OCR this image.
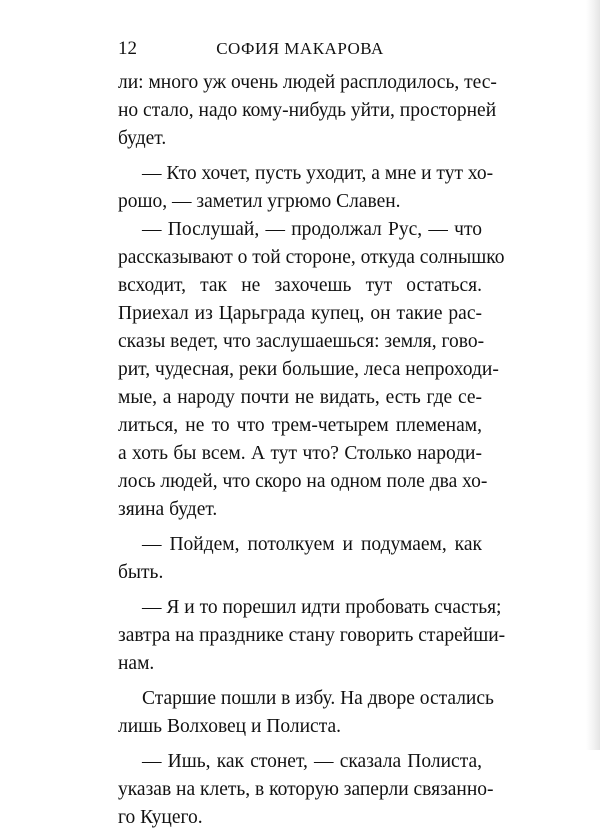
12	СОФИЯ МАКАРОВА
ли: много уж очень людей расплодилось, тес-
но стало, надо кому-нибудь уйти, просторней
будет.
— Кто хочет, пусть уходит, а мне и тут хо-
рошо, — заметил угрюмо Славен.
— Послушай, — продолжал Рус, — что
рассказывают о той стороне, откуда солнышко
всходит, так не захочешь тут остаться.
Приехал из Царьграда купец, он такие рас-
сказы ведет, что заслушаешься: земля, гово-
рит, чудесная, реки большие, леса непроходи-
мые, а народу почти не видать, есть где се-
литься, не то что трем-четырем племенам,
а хоть бы всем. А тут что? Столько народи-
лось людей, что скоро на одном поле два хо-
зяина будет.
— Пойдем, потолкуем и подумаем, как
быть.
— Я и то порешил идти пробовать счастья;
завтра на празднике стану говорить старейши-
нам.
Старшие пошли в избу. На дворе остались
лишь Волховец и Полиста.
— Ишь, как стонет, — сказала Полиста,
указав на клеть, в которую заперли связанно-
го Куцего.
